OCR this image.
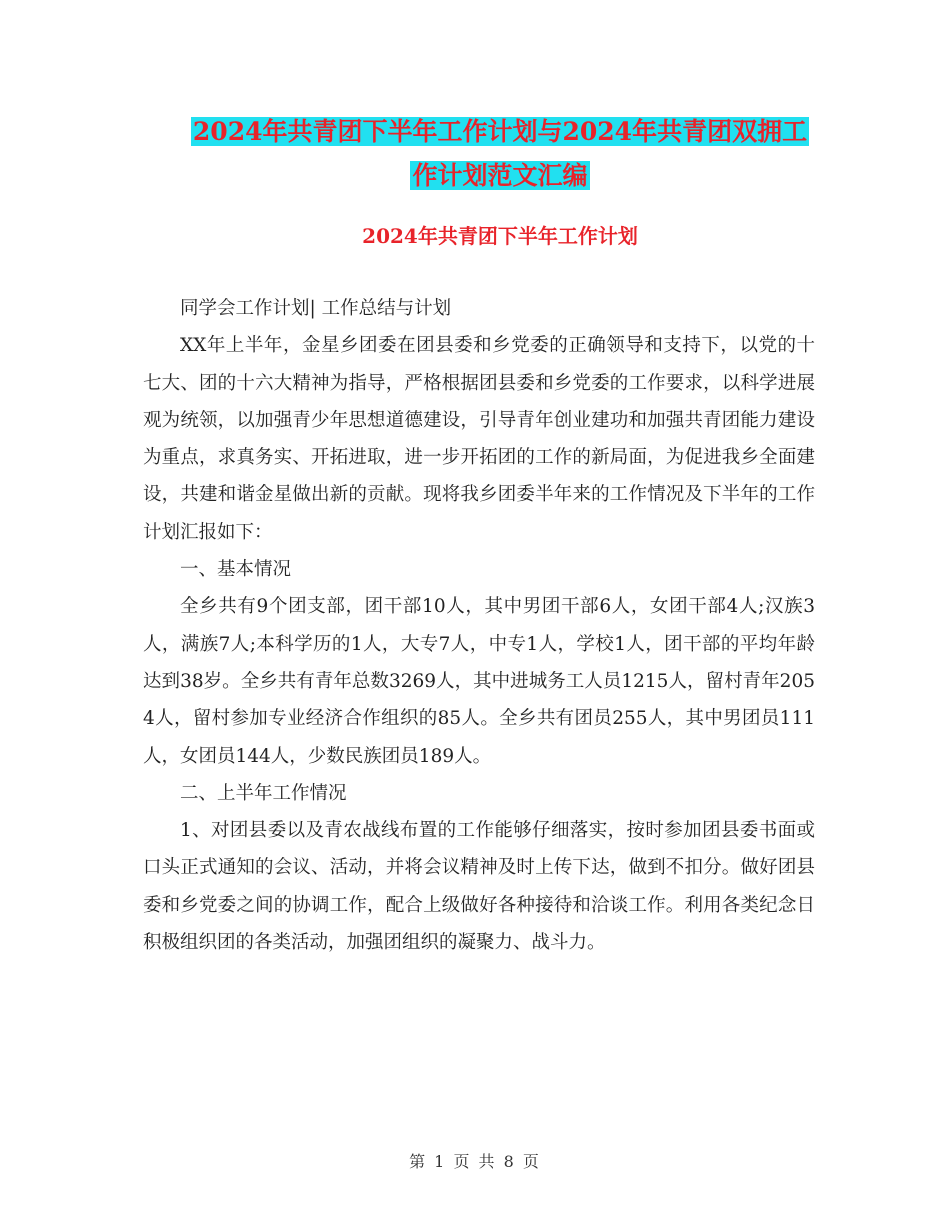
2024年共青团下半年工作计划与2024年共青团双拥工
作计划范文汇编
2024年共青团下半年工作计划

同学会工作计划| 工作总结与计划

XX年上半年，金星乡团委在团县委和乡党委的正确领导和支持下，以党的十七大、团的十六大精神为指导，严格根据团县委和乡党委的工作要求，以科学进展观为统领，以加强青少年思想道德建设，引导青年创业建功和加强共青团能力建设为重点，求真务实、开拓进取，进一步开拓团的工作的新局面，为促进我乡全面建设，共建和谐金星做出新的贡献。现将我乡团委半年来的工作情况及下半年的工作计划汇报如下：

一、基本情况

全乡共有9个团支部，团干部10人，其中男团干部6人，女团干部4人;汉族3人，满族7人;本科学历的1人，大专7人，中专1人，学校1人，团干部的平均年龄达到38岁。全乡共有青年总数3269人，其中进城务工人员1215人，留村青年2054人，留村参加专业经济合作组织的85人。全乡共有团员255人，其中男团员111人，女团员144人，少数民族团员189人。

二、上半年工作情况

1、对团县委以及青农战线布置的工作能够仔细落实，按时参加团县委书面或口头正式通知的会议、活动，并将会议精神及时上传下达，做到不扣分。做好团县委和乡党委之间的协调工作，配合上级做好各种接待和洽谈工作。利用各类纪念日积极组织团的各类活动，加强团组织的凝聚力、战斗力。

第 1 页 共 8 页
